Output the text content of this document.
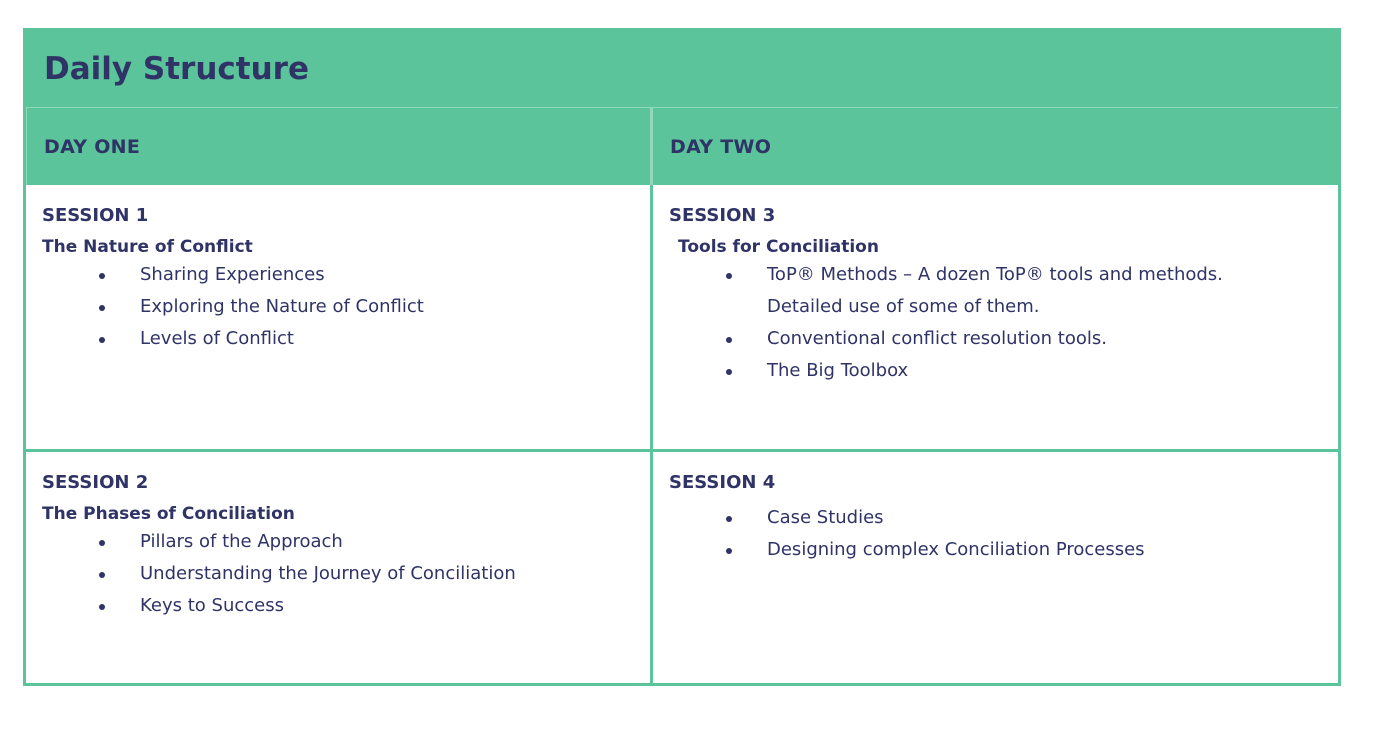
Daily Structure
DAY ONE	DAY TWO
SESSION 1
The Nature of Conflict
Sharing Experiences
Exploring the Nature of Conflict
Levels of Conflict
SESSION 3
Tools for Conciliation
ToP® Methods – A dozen ToP® tools and methods. Detailed use of some of them.
Conventional conflict resolution tools.
The Big Toolbox
SESSION 2
The Phases of Conciliation
Pillars of the Approach
Understanding the Journey of Conciliation
Keys to Success
SESSION 4
Case Studies
Designing complex Conciliation Processes
